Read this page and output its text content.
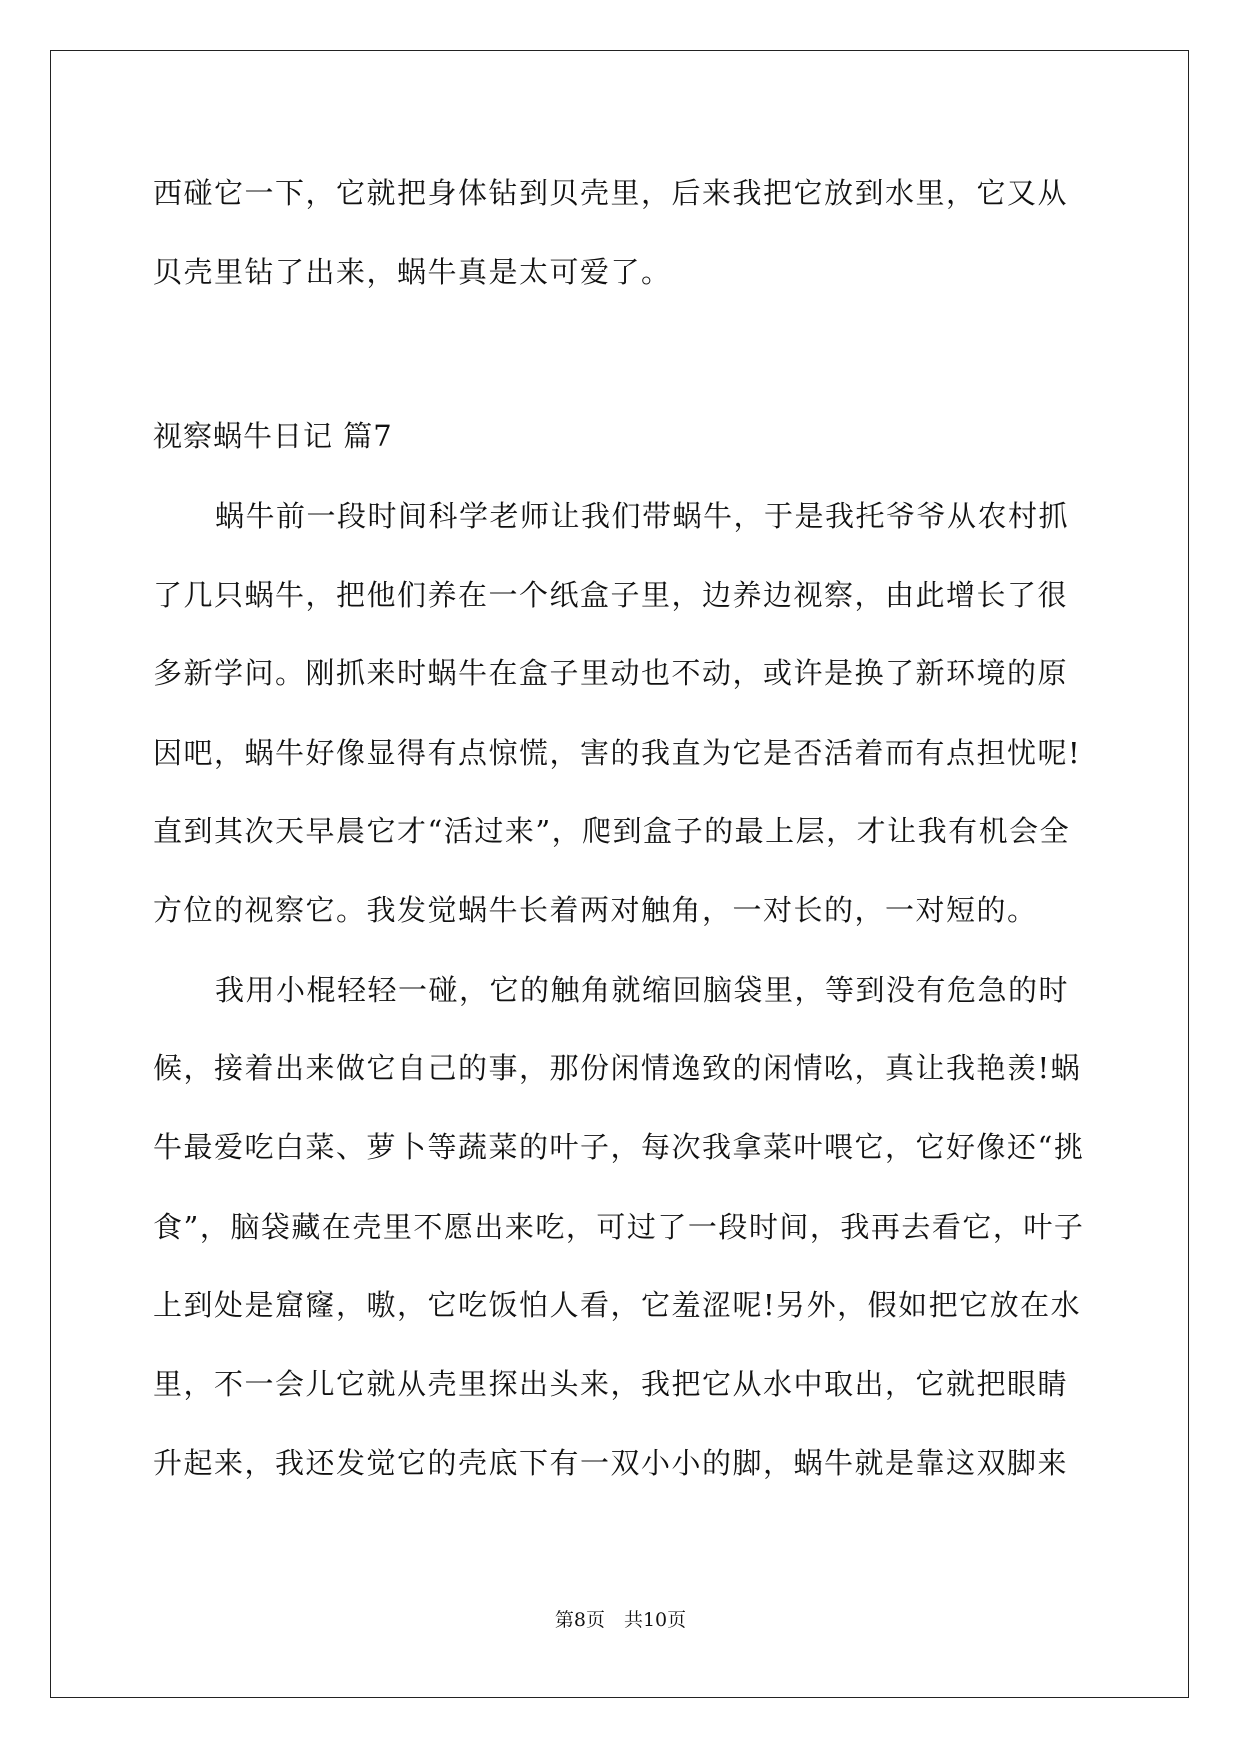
西碰它一下，它就把身体钻到贝壳里，后来我把它放到水里，它又从
贝壳里钻了出来，蜗牛真是太可爱了。
视察蜗牛日记 篇7
蜗牛前一段时间科学老师让我们带蜗牛，于是我托爷爷从农村抓
了几只蜗牛，把他们养在一个纸盒子里，边养边视察，由此增长了很
多新学问。刚抓来时蜗牛在盒子里动也不动，或许是换了新环境的原
因吧，蜗牛好像显得有点惊慌，害的我直为它是否活着而有点担忧呢!
直到其次天早晨它才“活过来”，爬到盒子的最上层，才让我有机会全
方位的视察它。我发觉蜗牛长着两对触角，一对长的，一对短的。
我用小棍轻轻一碰，它的触角就缩回脑袋里，等到没有危急的时
候，接着出来做它自己的事，那份闲情逸致的闲情吆，真让我艳羡!蜗
牛最爱吃白菜、萝卜等蔬菜的叶子，每次我拿菜叶喂它，它好像还“挑
食”，脑袋藏在壳里不愿出来吃，可过了一段时间，我再去看它，叶子
上到处是窟窿，嗷，它吃饭怕人看，它羞涩呢!另外，假如把它放在水
里，不一会儿它就从壳里探出头来，我把它从水中取出，它就把眼睛
升起来，我还发觉它的壳底下有一双小小的脚，蜗牛就是靠这双脚来
第8页　共10页
